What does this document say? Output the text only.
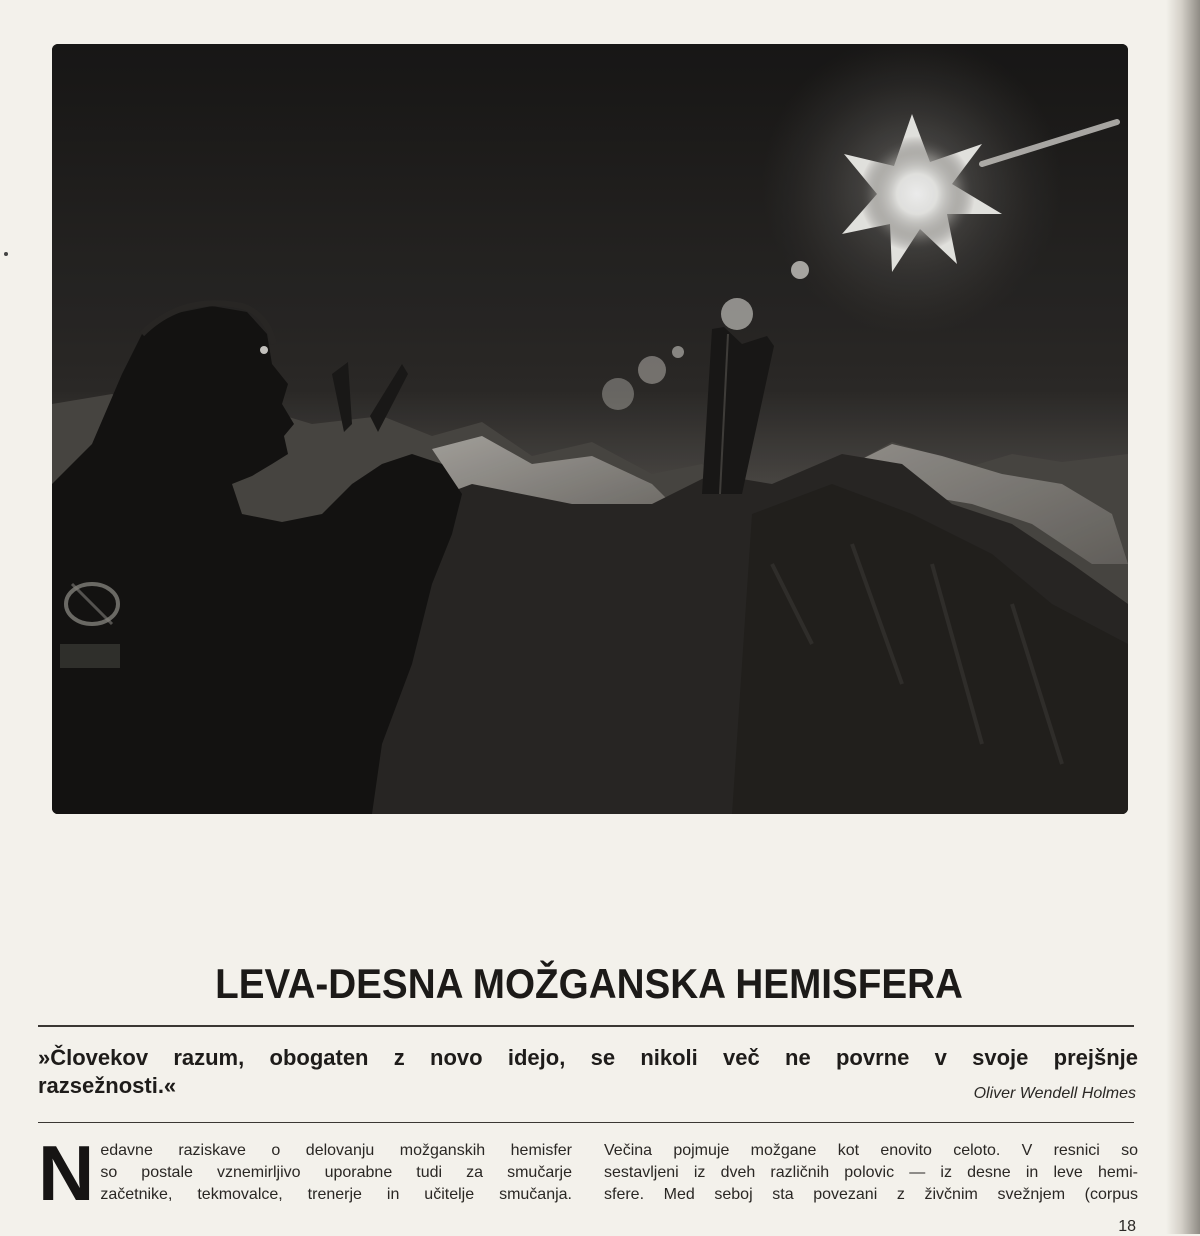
LEVA-DESNA MOŽGANSKA HEMISFERA
»Človekov razum, obogaten z novo idejo, se nikoli več ne povrne v svoje prejšnje
razsežnosti.«	Oliver Wendell Holmes
N edavne raziskave o delovanju možganskih hemisfer
so postale vznemirljivo uporabne tudi za smučarje
začetnike, tekmovalce, trenerje in učitelje smučanja.
Večina pojmuje možgane kot enovito celoto. V resnici so
sestavljeni iz dveh različnih polovic — iz desne in leve hemi-
sfere. Med seboj sta povezani z živčnim svežnjem (corpus
18
